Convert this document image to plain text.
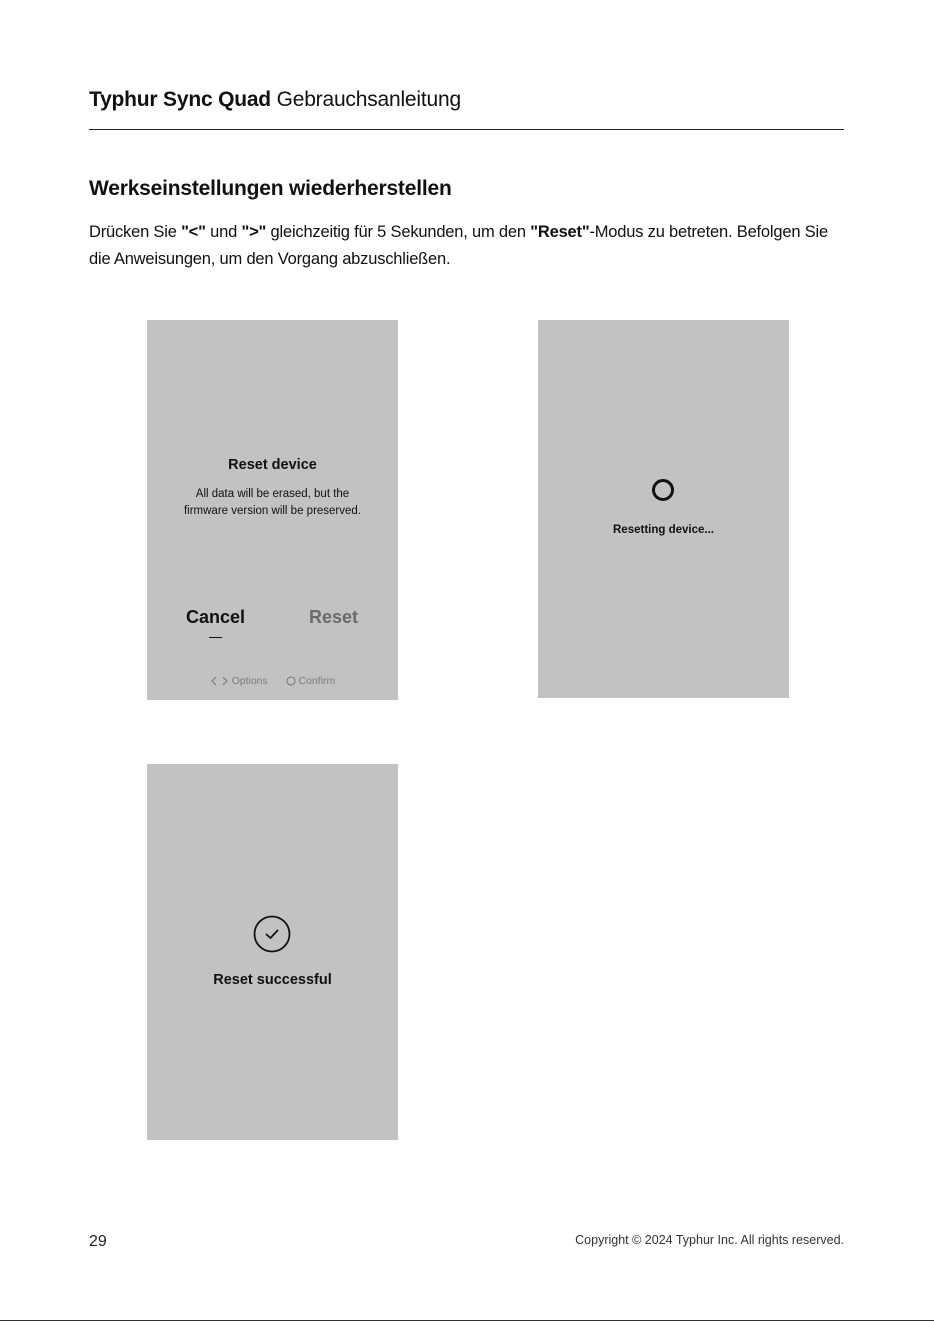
Typhur Sync Quad Gebrauchsanleitung
Werkseinstellungen wiederherstellen
Drücken Sie "<" und ">" gleichzeitig für 5 Sekunden, um den "Reset"-Modus zu betreten. Befolgen Sie die Anweisungen, um den Vorgang abzuschließen.
Reset device
All data will be erased, but the
firmware version will be preserved.
Cancel	Reset
Options	Confirm
Resetting device...
Reset successful
29	Copyright © 2024 Typhur Inc. All rights reserved.
